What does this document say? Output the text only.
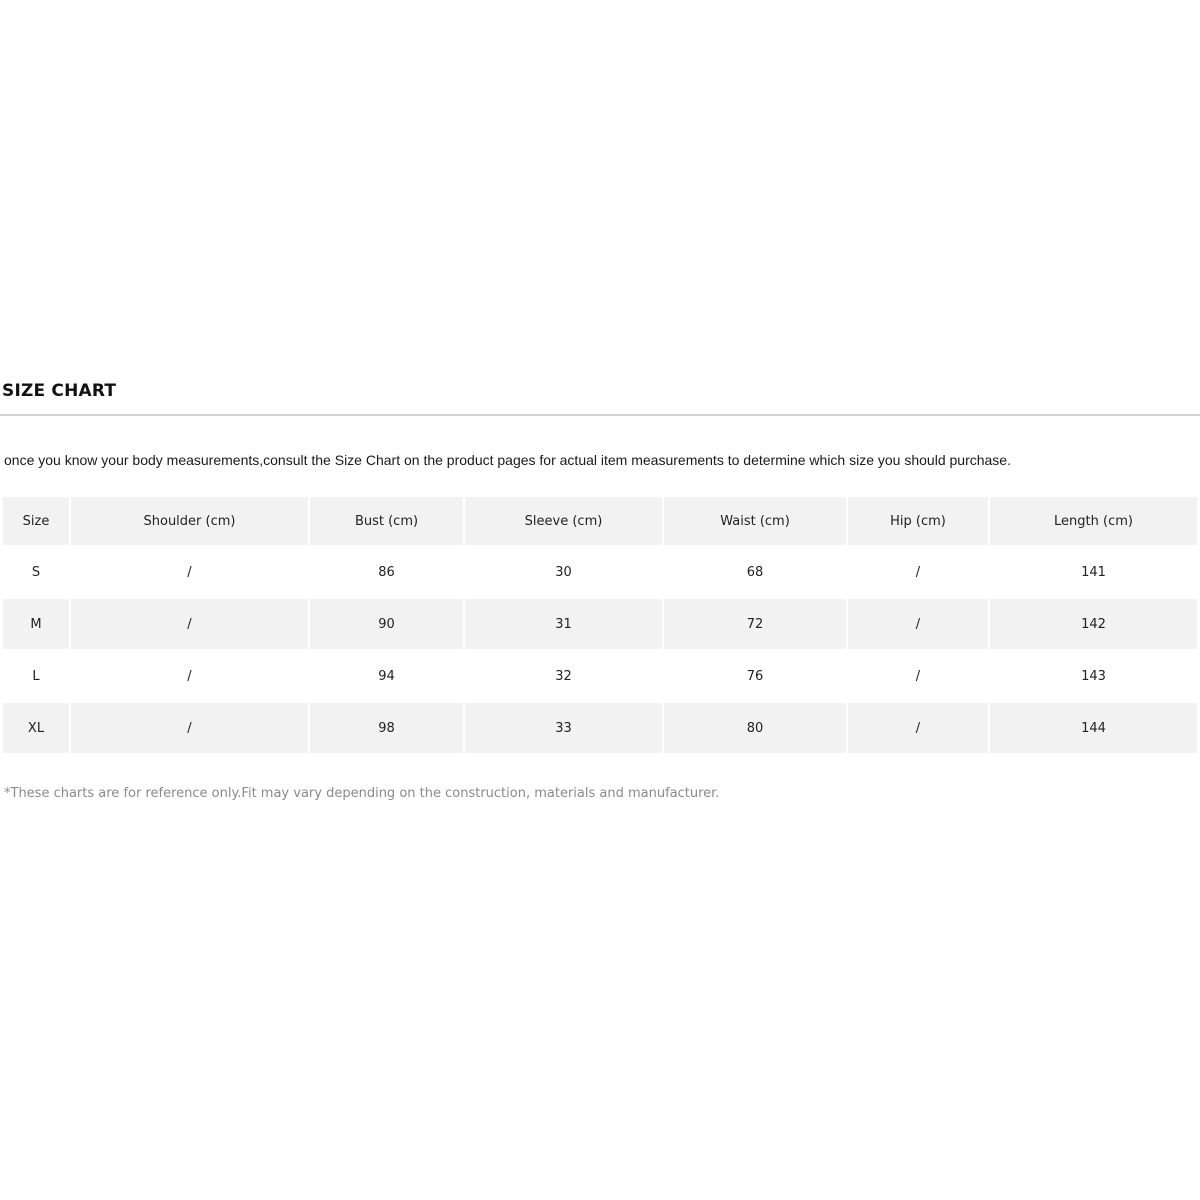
SIZE CHART

once you know your body measurements,consult the Size Chart on the product pages for actual item measurements to determine which size you should purchase.

Size	Shoulder (cm)	Bust (cm)	Sleeve (cm)	Waist (cm)	Hip (cm)	Length (cm)
S	/	86	30	68	/	141
M	/	90	31	72	/	142
L	/	94	32	76	/	143
XL	/	98	33	80	/	144

*These charts are for reference only.Fit may vary depending on the construction, materials and manufacturer.
